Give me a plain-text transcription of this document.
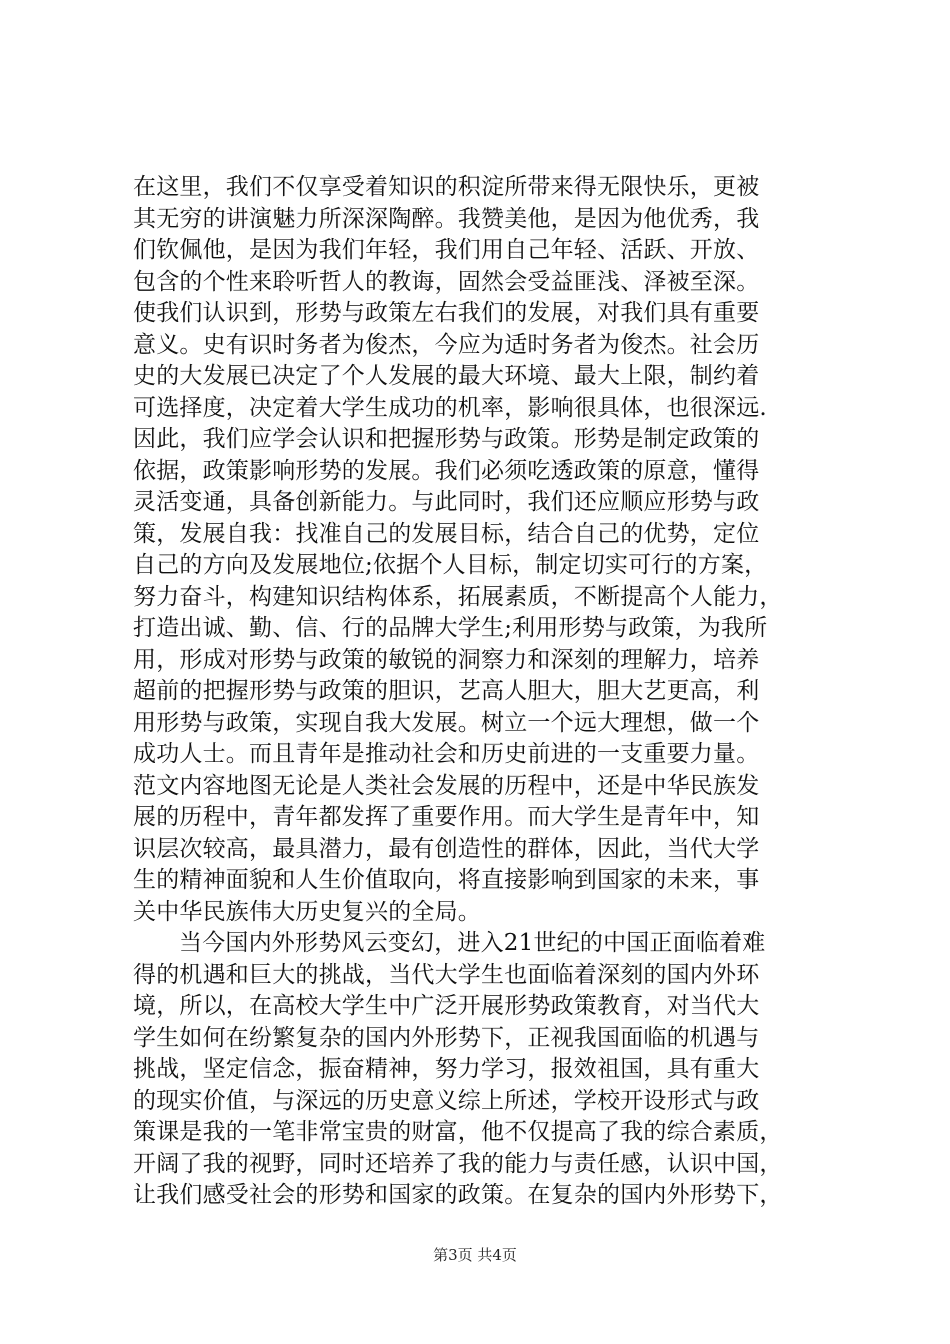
在这里，我们不仅享受着知识的积淀所带来得无限快乐，更被
其无穷的讲演魅力所深深陶醉。我赞美他，是因为他优秀，我
们钦佩他，是因为我们年轻，我们用自己年轻、活跃、开放、
包含的个性来聆听哲人的教诲，固然会受益匪浅、泽被至深。
使我们认识到，形势与政策左右我们的发展，对我们具有重要
意义。史有识时务者为俊杰，今应为适时务者为俊杰。社会历
史的大发展已决定了个人发展的最大环境、最大上限，制约着
可选择度，决定着大学生成功的机率，影响很具体，也很深远.
因此，我们应学会认识和把握形势与政策。形势是制定政策的
依据，政策影响形势的发展。我们必须吃透政策的原意，懂得
灵活变通，具备创新能力。与此同时，我们还应顺应形势与政
策，发展自我：找准自己的发展目标，结合自己的优势，定位
自己的方向及发展地位;依据个人目标，制定切实可行的方案，
努力奋斗，构建知识结构体系，拓展素质，不断提高个人能力，
打造出诚、勤、信、行的品牌大学生;利用形势与政策，为我所
用，形成对形势与政策的敏锐的洞察力和深刻的理解力，培养
超前的把握形势与政策的胆识，艺高人胆大，胆大艺更高，利
用形势与政策，实现自我大发展。树立一个远大理想，做一个
成功人士。而且青年是推动社会和历史前进的一支重要力量。
范文内容地图无论是人类社会发展的历程中，还是中华民族发
展的历程中，青年都发挥了重要作用。而大学生是青年中，知
识层次较高，最具潜力，最有创造性的群体，因此，当代大学
生的精神面貌和人生价值取向，将直接影响到国家的未来，事
关中华民族伟大历史复兴的全局。
当今国内外形势风云变幻，进入21世纪的中国正面临着难
得的机遇和巨大的挑战，当代大学生也面临着深刻的国内外环
境，所以，在高校大学生中广泛开展形势政策教育，对当代大
学生如何在纷繁复杂的国内外形势下，正视我国面临的机遇与
挑战，坚定信念，振奋精神，努力学习，报效祖国，具有重大
的现实价值，与深远的历史意义综上所述，学校开设形式与政
策课是我的一笔非常宝贵的财富，他不仅提高了我的综合素质，
开阔了我的视野，同时还培养了我的能力与责任感，认识中国，
让我们感受社会的形势和国家的政策。在复杂的国内外形势下，
第3页 共4页
